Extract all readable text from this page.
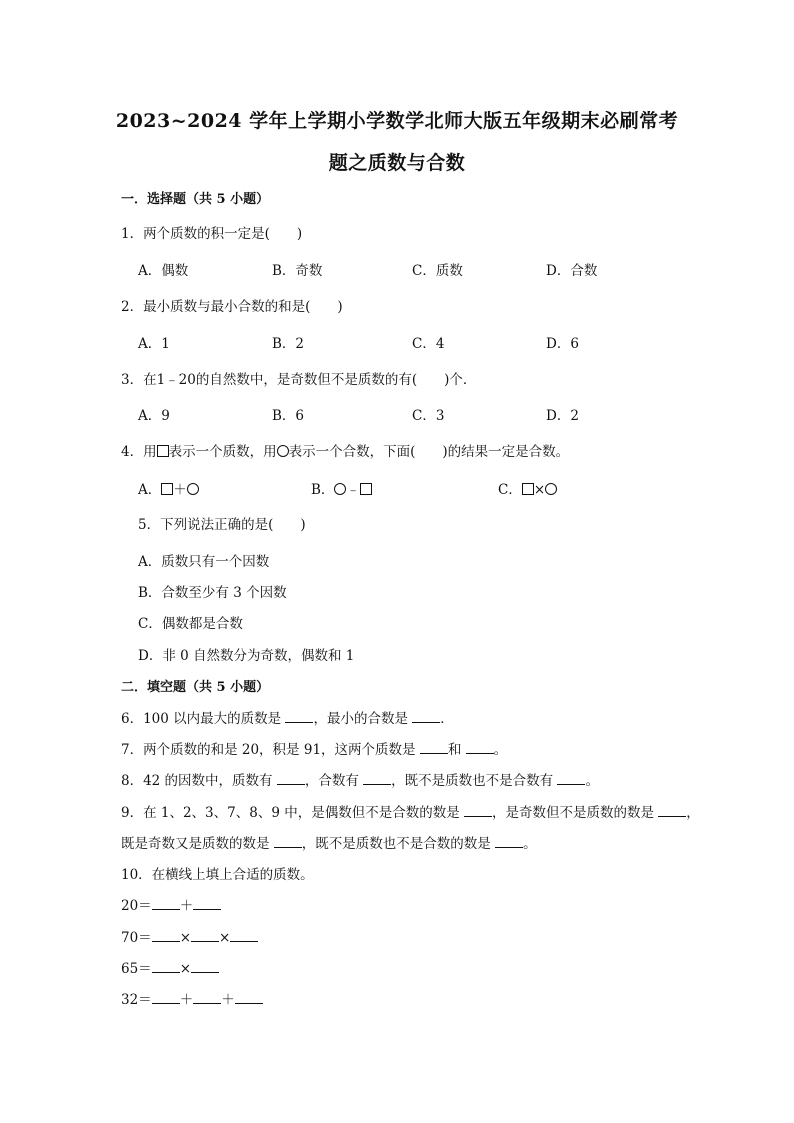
2023~2024 学年上学期小学数学北师大版五年级期末必刷常考
题之质数与合数
一．选择题（共 5 小题）
1．两个质数的积一定是(　　)
A．偶数	B．奇数	C．质数	D．合数
2．最小质数与最小合数的和是(　　)
A．1	B．2	C．4	D．6
3．在1﹣20的自然数中，是奇数但不是质数的有(　　)个．
A．9	B．6	C．3	D．2
4．用 表示一个质数，用 表示一个合数，下面(　　)的结果一定是合数。
A． ＋	B． ﹣	C． ×
5．下列说法正确的是(　　)
A．质数只有一个因数
B．合数至少有 3 个因数
C．偶数都是合数
D．非 0 自然数分为奇数，偶数和 1
二．填空题（共 5 小题）
6．100 以内最大的质数是 ，最小的合数是 ．
7．两个质数的和是 20，积是 91，这两个质数是 和 。
8．42 的因数中，质数有 ，合数有 ，既不是质数也不是合数有 。
9．在 1、2、3、7、8、9 中，是偶数但不是合数的数是 ，是奇数但不是质数的数是 ，
既是奇数又是质数的数是 ，既不是质数也不是合数的数是 。
10．在横线上填上合适的质数。
20＝ ＋
70＝ × ×
65＝ ×
32＝ ＋ ＋
